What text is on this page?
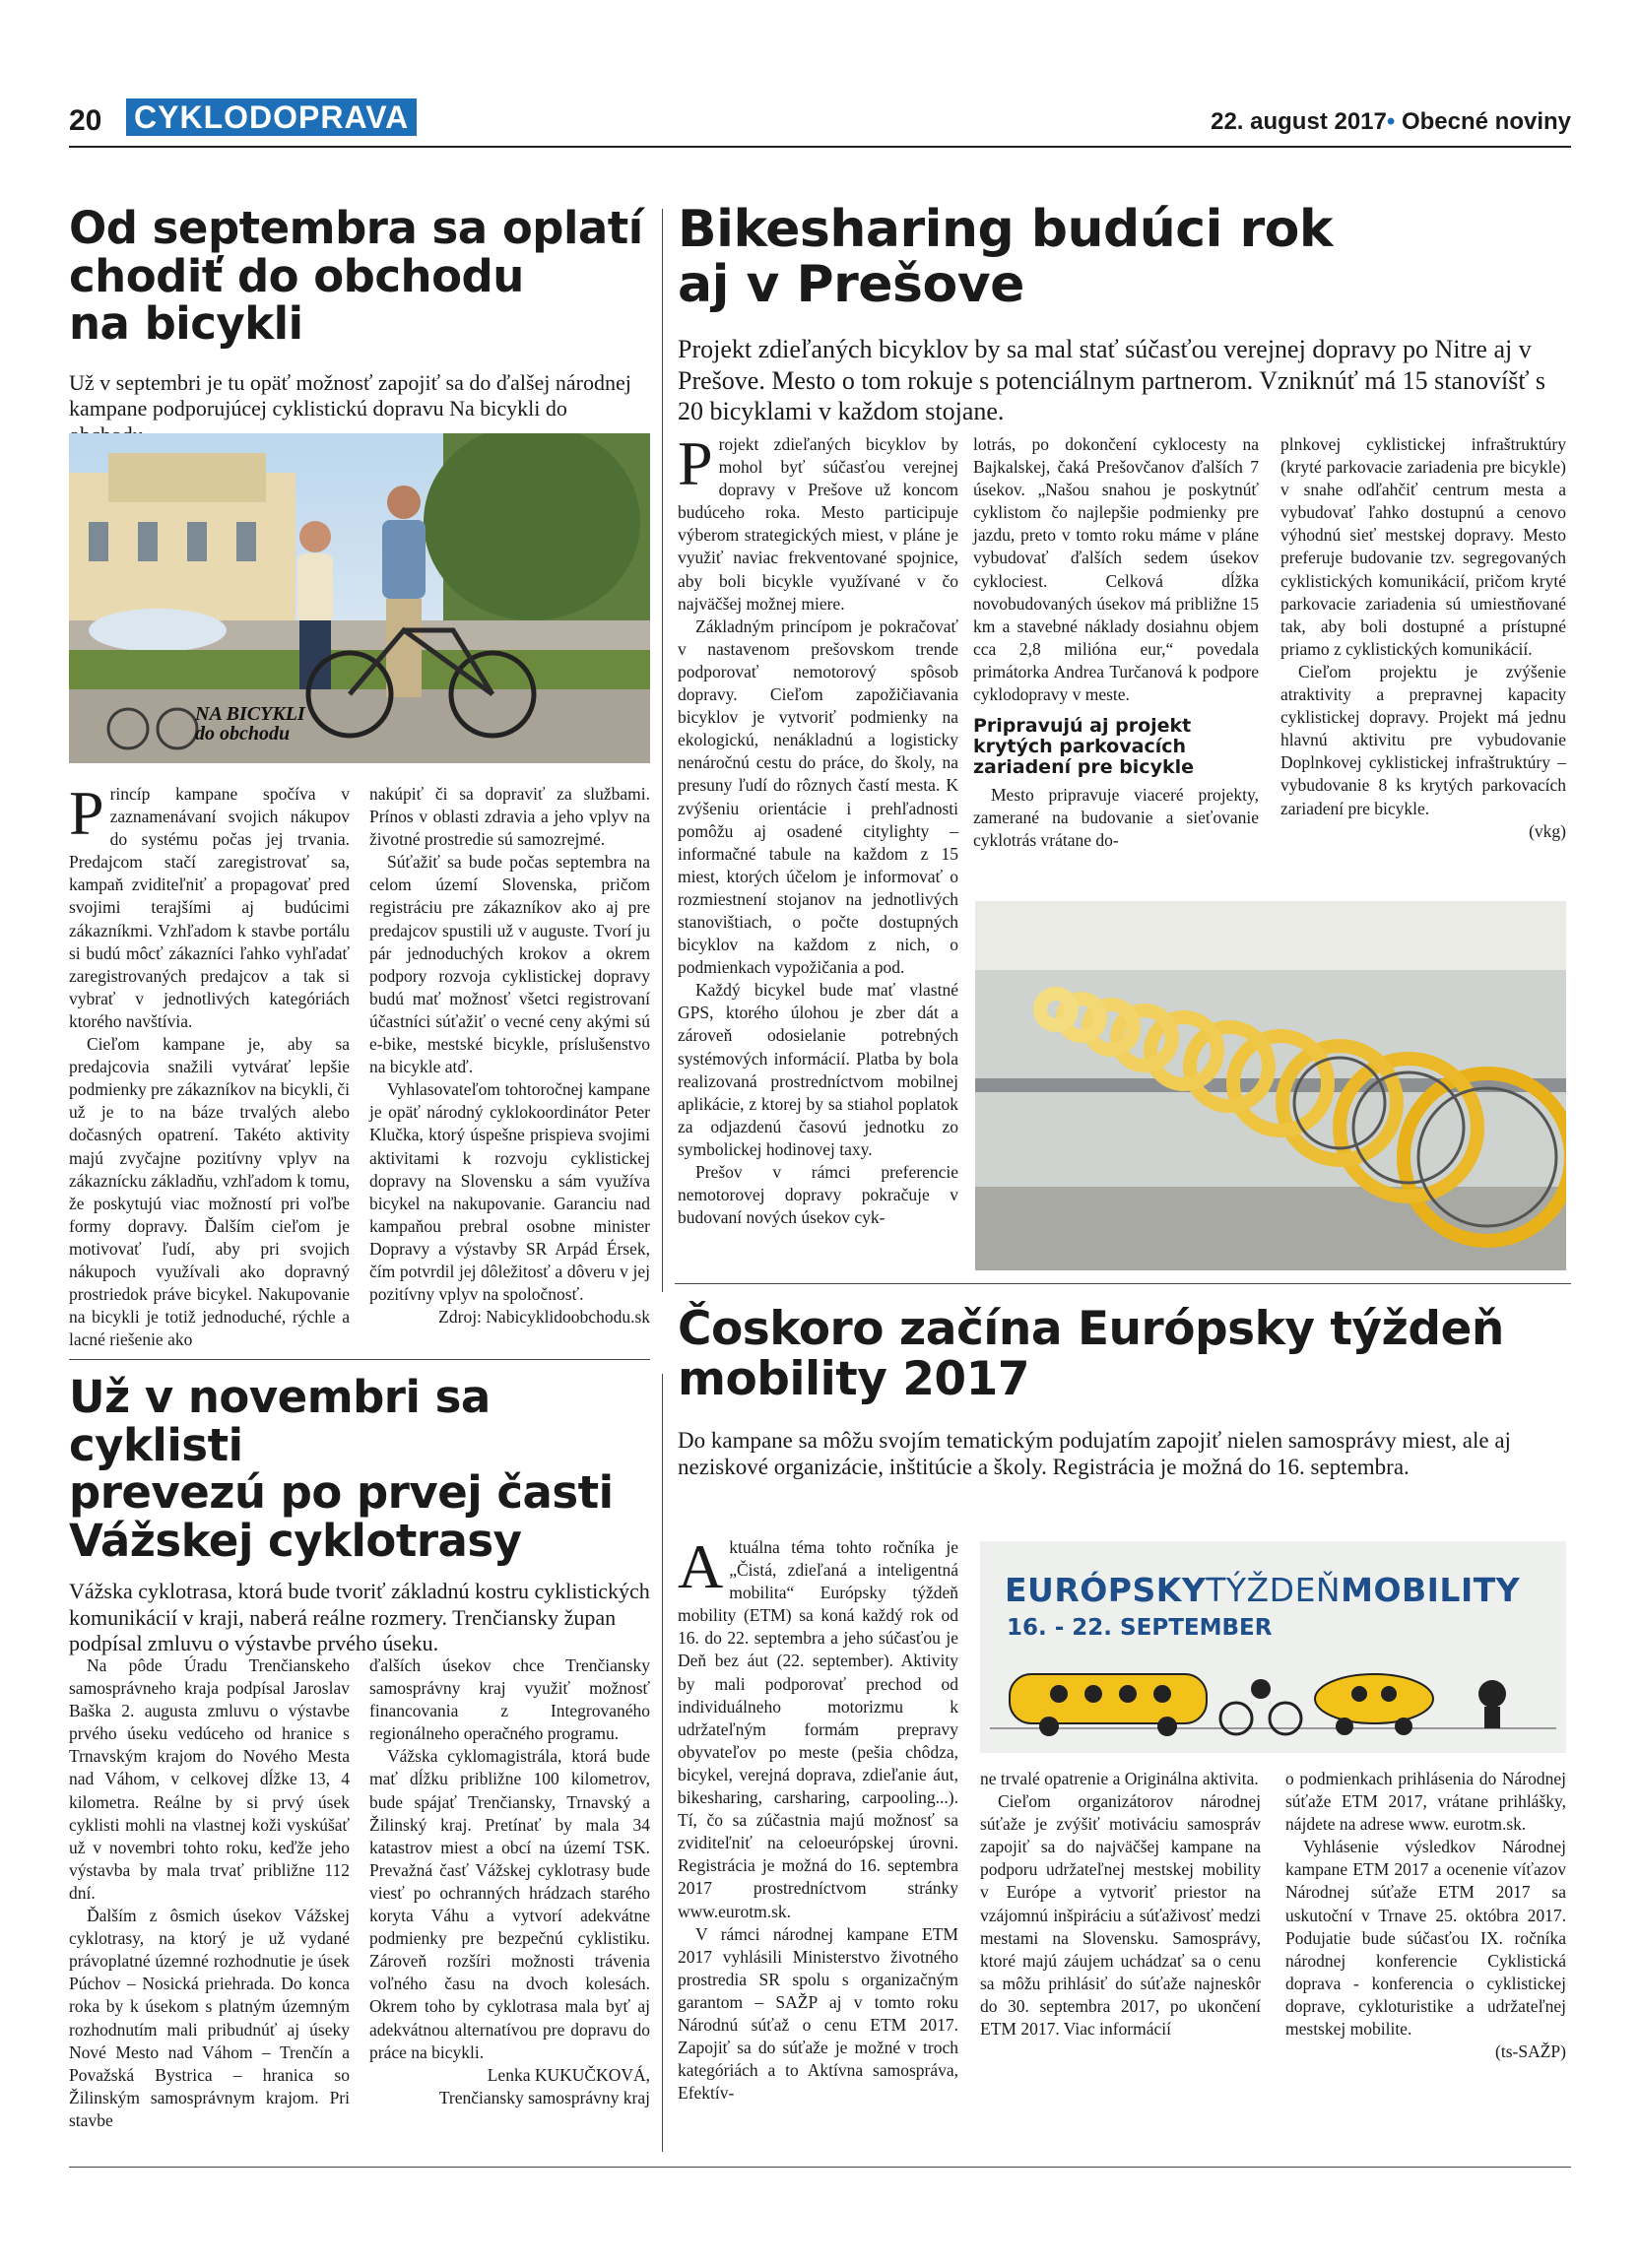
20 CYKLODOPRAVA	22. august 2017• Obecné noviny
Od septembra sa oplatí
chodiť do obchodu
na bicykli

Už v septembri je tu opäť možnosť zapojiť sa do ďalšej národnej kampane podporujúcej cyklistickú dopravu Na bicykli do

NA BICYKLI
do obchodu

Princíp kampane spočíva v zaznamenávaní svojich nákupov do systému počas jej trvania. Predajcom stačí zaregistrovať sa, kampaň zviditeľniť a propagovať pred svojimi terajšími aj budúcimi zákazníkmi. Vzhľadom k stavbe portálu si budú môcť zákazníci ľahko vyhľadať zaregistrovaných predajcov a tak si vybrať v jednotlivých kategóriách ktorého navštívia.

Cieľom kampane je, aby sa predajcovia snažili vytvárať lepšie podmienky pre zákazníkov na bicykli, či už je to na báze trvalých alebo dočasných opatrení. Takéto aktivity majú zvyčajne pozitívny vplyv na zákaznícku základňu, vzhľadom k tomu, že poskytujú viac možností pri voľbe formy dopravy. Ďalším cieľom je motivovať ľudí, aby pri svojich nákupoch využívali ako dopravný prostriedok práve bicykel. Nakupovanie na bicykli je totiž jednoduché, rýchle a lacné riešenie ako

nakúpiť či sa dopraviť za službami. Prínos v oblasti zdravia a jeho vplyv na životné prostredie sú samozrejmé.

Súťažiť sa bude počas septembra na celom území Slovenska, pričom registráciu pre zákazníkov ako aj pre predajcov spustili už v auguste. Tvorí ju pár jednoduchých krokov a okrem podpory rozvoja cyklistickej dopravy budú mať možnosť všetci registrovaní účastníci súťažiť o vecné ceny akými sú e-bike, mestské bicykle, príslušenstvo na bicykle atď.

Vyhlasovateľom tohtoročnej kampane je opäť národný cyklokoordinátor Peter Klučka, ktorý úspešne prispieva svojimi aktivitami k rozvoju cyklistickej dopravy na Slovensku a sám využíva bicykel na nakupovanie. Garanciu nad kampaňou prebral osobne minister Dopravy a výstavby SR Arpád Érsek, čím potvrdil jej dôležitosť a dôveru v jej pozitívny vplyv na spoločnosť.

Zdroj: Nabicyklidoobchodu.sk

Bikesharing budúci rok
aj v Prešove

Projekt zdieľaných bicyklov by sa mal stať súčasťou verejnej dopravy po Nitre aj v Prešove. Mesto o tom rokuje s potenciálnym partnerom. Vzniknúť má 15 stanovíšť s 20 bicyklami v každom stojane.

Projekt zdieľaných bicyklov by mohol byť súčasťou verejnej dopravy v Prešove už koncom budúceho roka. Mesto participuje výberom strategických miest, v pláne je využiť naviac frekventované spojnice, aby boli bicykle využívané v čo najväčšej možnej miere.

Základným princípom je pokračovať v nastavenom prešovskom trende podporovať nemotorový spôsob dopravy. Cieľom zapožičiavania bicyklov je vytvoriť podmienky na ekologickú, nenákladnú a logisticky nenáročnú cestu do práce, do školy, na presuny ľudí do rôznych častí mesta. K zvýšeniu orientácie i prehľadnosti pomôžu aj osadené citylighty – informačné tabule na každom z 15 miest, ktorých účelom je informovať o rozmiestnení stojanov na jednotlivých stanovištiach, o počte dostupných bicyklov na každom z nich, o podmienkach vypožičania a pod.

Každý bicykel bude mať vlastné GPS, ktorého úlohou je zber dát a zároveň odosielanie potrebných systémových informácií. Platba by bola realizovaná prostredníctvom mobilnej aplikácie, z ktorej by sa stiahol poplatok za odjazdenú časovú jednotku zo symbolickej hodinovej taxy.

Prešov v rámci preferencie nemotorovej dopravy pokračuje v budovaní nových úsekov cyk-

lotrás, po dokončení cyklocesty na Bajkalskej, čaká Prešovčanov ďalších 7 úsekov. „Našou snahou je poskytnúť cyklistom čo najlepšie podmienky pre jazdu, preto v tomto roku máme v pláne vybudovať ďalších sedem úsekov cyklociest. Celková dĺžka novobudovaných úsekov má približne 15 km a stavebné náklady dosiahnu objem cca 2,8 milióna eur,“ povedala primátorka Andrea Turčanová k podpore cyklodopravy v meste.

Pripravujú aj projekt
krytých parkovacích
zariadení pre bicykle

Mesto pripravuje viaceré projekty, zamerané na budovanie a sieťovanie cyklotrás vrátane do-

plnkovej cyklistickej infraštruktúry (kryté parkovacie zariadenia pre bicykle) v snahe odľahčiť centrum mesta a vybudovať ľahko dostupnú a cenovo výhodnú sieť mestskej dopravy. Mesto preferuje budovanie tzv. segregovaných cyklistických komunikácií, pričom kryté parkovacie zariadenia sú umiestňované tak, aby boli dostupné a prístupné priamo z cyklistických komunikácií.

Cieľom projektu je zvýšenie atraktivity a prepravnej kapacity cyklistickej dopravy. Projekt má jednu hlavnú aktivitu pre vybudovanie Doplnkovej cyklistickej infraštruktúry – vybudovanie 8 ks krytých parkovacích zariadení pre bicykle.

(vkg)

Už v novembri sa cyklisti
prevezú po prvej časti
Vážskej cyklotrasy

Vážska cyklotrasa, ktorá bude tvoriť základnú kostru cyklistických komunikácií v kraji, naberá reálne rozmery. Trenčiansky župan podpísal zmluvu o výstavbe prvého úseku.

Na pôde Úradu Trenčianskeho samosprávneho kraja podpísal Jaroslav Baška 2. augusta zmluvu o výstavbe prvého úseku vedúceho od hranice s Trnavským krajom do Nového Mesta nad Váhom, v celkovej dĺžke 13, 4 kilometra. Reálne by si prvý úsek cyklisti mohli na vlastnej koži vyskúšať už v novembri tohto roku, keďže jeho výstavba by mala trvať približne 112 dní.

Ďalším z ôsmich úsekov Vážskej cyklotrasy, na ktorý je už vydané právoplatné územné rozhodnutie je úsek Púchov – Nosická priehrada. Do konca roka by k úsekom s platným územným rozhodnutím mali pribudnúť aj úseky Nové Mesto nad Váhom – Trenčín a Považská Bystrica – hranica so Žilinským samosprávnym krajom. Pri stavbe

ďalších úsekov chce Trenčiansky samosprávny kraj využiť možnosť financovania z Integrovaného regionálneho operačného programu.

Vážska cyklomagistrála, ktorá bude mať dĺžku približne 100 kilometrov, bude spájať Trenčiansky, Trnavský a Žilinský kraj. Pretínať by mala 34 katastrov miest a obcí na území TSK. Prevažná časť Vážskej cyklotrasy bude viesť po ochranných hrádzach starého koryta Váhu a vytvorí adekvátne podmienky pre bezpečnú cyklistiku. Zároveň rozšíri možnosti trávenia voľného času na dvoch kolesách. Okrem toho by cyklotrasa mala byť aj adekvátnou alternatívou pre dopravu do práce na bicykli.

Lenka KUKUČKOVÁ,

Trenčiansky samosprávny kraj

Čoskoro začína Európsky týždeň
mobility 2017

Do kampane sa môžu svojím tematickým podujatím zapojiť nielen samosprávy miest, ale aj neziskové organizácie, inštitúcie a školy. Registrácia je možná do 16. septembra.

EURÓPSKYTÝŽDEŇMOBILITY
16. - 22. SEPTEMBER

Aktuálna téma tohto ročníka je „Čistá, zdieľaná a inteligentná mobilita“ Európsky týždeň mobility (ETM) sa koná každý rok od 16. do 22. septembra a jeho súčasťou je Deň bez áut (22. september). Aktivity by mali podporovať prechod od individuálneho motorizmu k udržateľným formám prepravy obyvateľov po meste (pešia chôdza, bicykel, verejná doprava, zdieľanie áut, bikesharing, carsharing, carpooling...). Tí, čo sa zúčastnia majú možnosť sa zviditeľniť na celoeurópskej úrovni. Registrácia je možná do 16. septembra 2017 prostredníctvom stránky www.eurotm.sk.

V rámci národnej kampane ETM 2017 vyhlásili Ministerstvo životného prostredia SR spolu s organizačným garantom – SAŽP aj v tomto roku Národnú súťaž o cenu ETM 2017. Zapojiť sa do súťaže je možné v troch kategóriách a to Aktívna samospráva, Efektív-

ne trvalé opatrenie a Originálna aktivita.

Cieľom organizátorov národnej súťaže je zvýšiť motiváciu samospráv zapojiť sa do najväčšej kampane na podporu udržateľnej mestskej mobility v Európe a vytvoriť priestor na vzájomnú inšpiráciu a súťaživosť medzi mestami na Slovensku. Samosprávy, ktoré majú záujem uchádzať sa o cenu sa môžu prihlásiť do súťaže najneskôr do 30. septembra 2017, po ukončení ETM 2017. Viac informácií

o podmienkach prihlásenia do Národnej súťaže ETM 2017, vrátane prihlášky, nájdete na adrese www. eurotm.sk.

Vyhlásenie výsledkov Národnej kampane ETM 2017 a ocenenie víťazov Národnej súťaže ETM 2017 sa uskutoční v Trnave 25. októbra 2017. Podujatie bude súčasťou IX. ročníka národnej konferencie Cyklistická doprava - konferencia o cyklistickej doprave, cykloturistike a udržateľnej mestskej mobilite.

(ts-SAŽP)
